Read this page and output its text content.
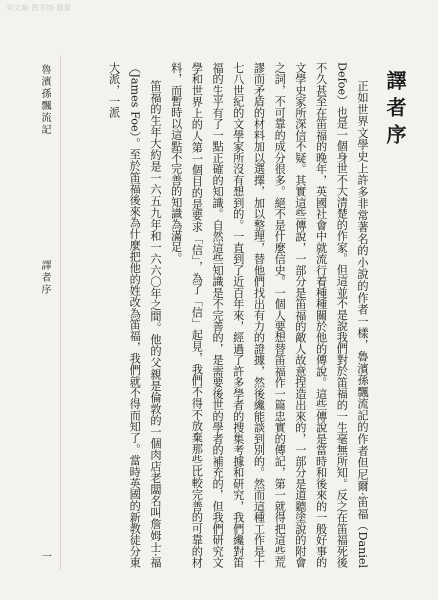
刘文斌·图书馆·超星
譯者序

正如世界文學史上許多非常著名的小說的作者一樣，魯濱孫飄流記的作者但尼爾·笛福（Daniel Defoe）也是一個身世不大清楚的作家。但這並不是說我們對於笛福的一生毫無所知。反之在笛福死後不久甚至在笛福的晚年，英國社會中就流行着種種關於他的傳說。這些傳說是當時和後來的一般好事的文學史家所深信不疑。其實這些傳說，一部分是笛福的敵人故意捏造出來的，一部分是道聽塗說的附會之詞，不可靠的成分很多。絕不是什麼信史。一個人要想替笛福作一篇忠實的傳記，第一就得把這些荒謬而矛盾的材料加以選擇，加以整理，替他們找出有力的證據，然後纔能談到別的。然而這種工作是十七八世紀的文學家所沒有想到的。一直到了近百年來，經過了許多學者的搜集考據和研究，我們纔對笛福的生平有了一點正確的知識。自然這些知識是不完善的，是需要後世的學者的補充的，但我們研究文學和世界上的人第一個目的是要求「信」，為了「信」起見，我們不得不放棄那些比較完善的可靠的材料，而暫時以這點不完善的知識為滿足。

笛福的生年大約是一六五九年和一六六〇年之間。他的父親是倫敦的一個肉店老闆名叫詹姆士·福（James Foe）。至於笛福後來為什麼把他的姓改為笛福，我們就不得而知了。當時英國的新教徒分東大派，一派

魯濱孫飄流記
譯者序
一
